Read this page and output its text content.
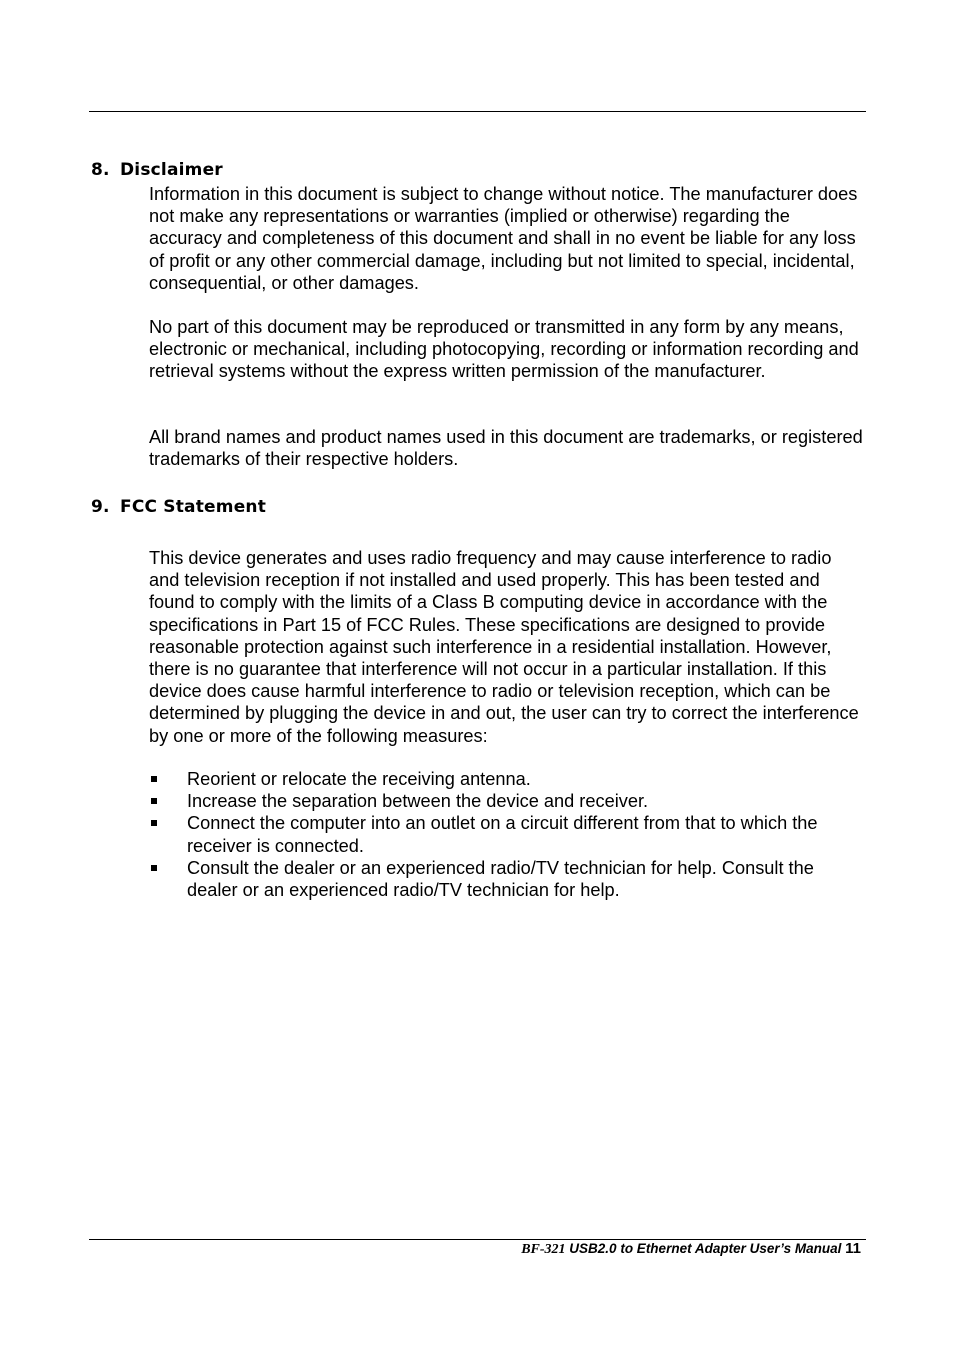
8. Disclaimer

Information in this document is subject to change without notice. The manufacturer does not make any representations or warranties (implied or otherwise) regarding the accuracy and completeness of this document and shall in no event be liable for any loss of profit or any other commercial damage, including but not limited to special, incidental, consequential, or other damages.

No part of this document may be reproduced or transmitted in any form by any means, electronic or mechanical, including photocopying, recording or information recording and retrieval systems without the express written permission of the manufacturer.

All brand names and product names used in this document are trademarks, or registered trademarks of their respective holders.

9. FCC Statement

This device generates and uses radio frequency and may cause interference to radio and television reception if not installed and used properly. This has been tested and found to comply with the limits of a Class B computing device in accordance with the specifications in Part 15 of FCC Rules. These specifications are designed to provide reasonable protection against such interference in a residential installation. However, there is no guarantee that interference will not occur in a particular installation. If this device does cause harmful interference to radio or television reception, which can be determined by plugging the device in and out, the user can try to correct the interference by one or more of the following measures:

Reorient or relocate the receiving antenna.
Increase the separation between the device and receiver.
Connect the computer into an outlet on a circuit different from that to which the receiver is connected.
Consult the dealer or an experienced radio/TV technician for help. Consult the dealer or an experienced radio/TV technician for help.
BF-321 USB2.0 to Ethernet Adapter User’s Manual 11
